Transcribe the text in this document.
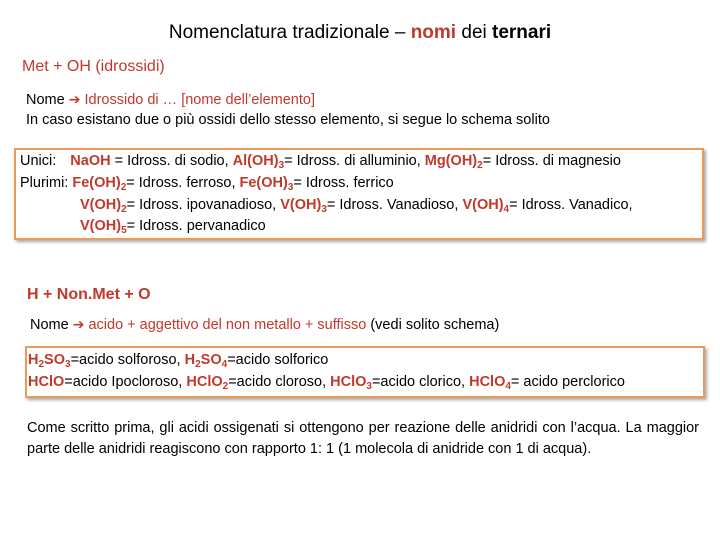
Nomenclatura tradizionale – nomi dei ternari
Met + OH (idrossidi)
Nome ➔ Idrossido di … [nome dell’elemento]
In caso esistano due o più ossidi dello stesso elemento, si segue lo schema solito
Unici: NaOH = Idross. di sodio, $Al(OH)_3=$ Idross. di alluminio, $Mg(OH)_2=$ Idross. di magnesio
Plurimi: $Fe(OH)_2=$ Idross. ferroso, $Fe(OH)_3=$ Idross. ferrico
$V(OH)_2=$ Idross. ipovanadioso, $V(OH)_3=$ Idross. Vanadioso, $V(OH)_4=$ Idross. Vanadico,
$V(OH)_5=$ Idross. pervanadico
H + Non.Met + O
Nome ➔ acido + aggettivo del non metallo + suffisso (vedi solito schema)
$H_2SO_3=acido$ solforoso, $H_2SO_4=acido$ solforico
HClO=acido Ipocloroso, HClO$_2$=acido cloroso, HClO$_3$=acido clorico, HClO$_4$= acido perclorico
Come scritto prima, gli acidi ossigenati si ottengono per reazione delle anidridi con l’acqua. La maggior parte delle anidridi reagiscono con rapporto 1: 1 (1 molecola di anidride con 1 di acqua).
